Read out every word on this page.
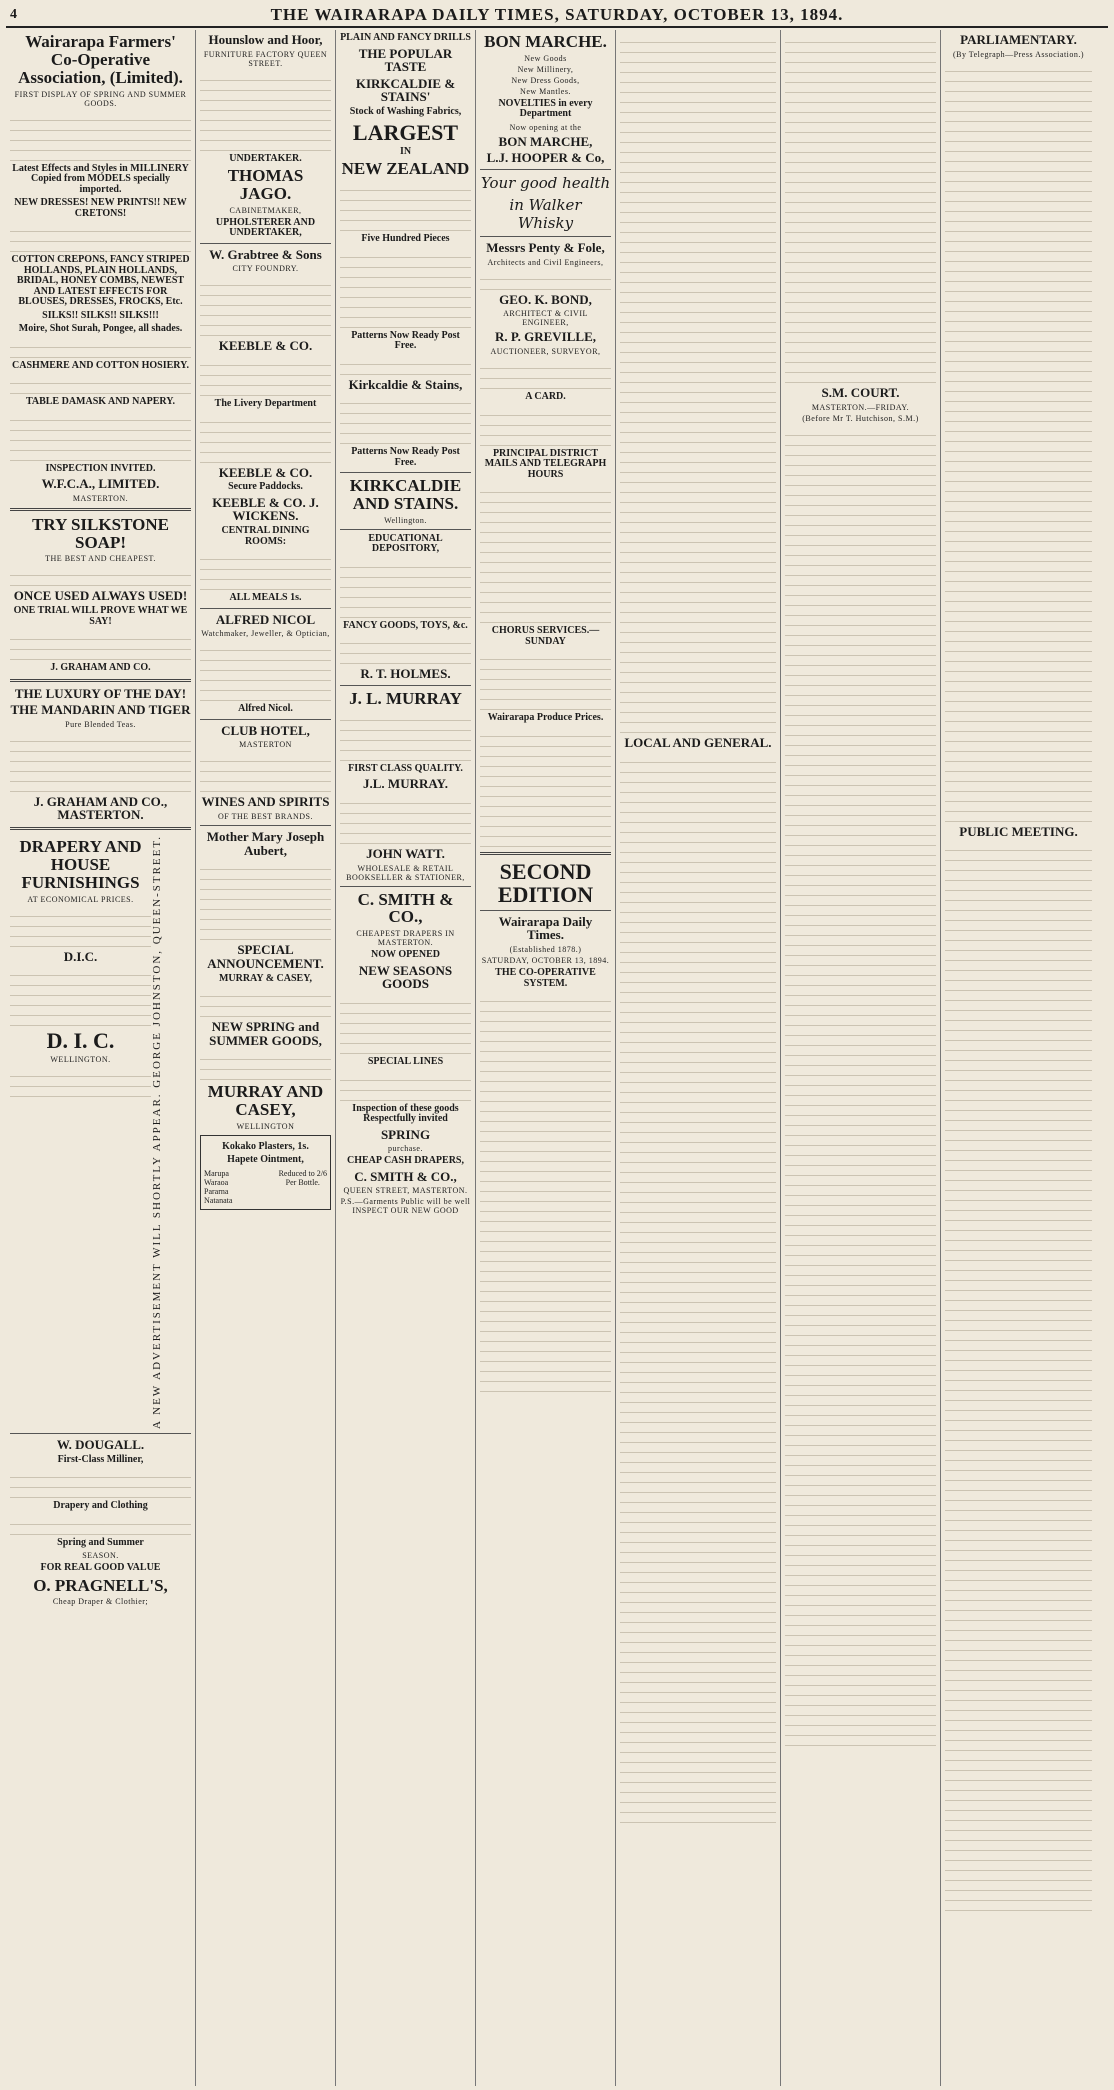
4	THE WAIRARAPA DAILY TIMES, SATURDAY, OCTOBER 13, 1894.
Wairarapa Farmers' Co-Operative Association, (Limited).
FIRST DISPLAY OF SPRING AND SUMMER GOODS.
Latest Effects and Styles in MILLINERY Copied from MODELS specially imported.
NEW DRESSES! NEW PRINTS!! NEW CRETONS!
COTTON CREPONS, FANCY STRIPED HOLLANDS, PLAIN HOLLANDS, BRIDAL, HONEY COMBS, NEWEST AND LATEST EFFECTS FOR BLOUSES, DRESSES, FROCKS, Etc.
SILKS!! SILKS!! SILKS!!!
Moire, Shot Surah, Pongee, all shades.
CASHMERE AND COTTON HOSIERY.
TABLE DAMASK AND NAPERY.
INSPECTION INVITED.
W.F.C.A., LIMITED.
MASTERTON.
TRY SILKSTONE SOAP!
THE BEST AND CHEAPEST.
ONCE USED ALWAYS USED!
ONE TRIAL WILL PROVE WHAT WE SAY!
J. GRAHAM AND CO.
THE LUXURY OF THE DAY!
THE MANDARIN AND TIGER
Pure Blended Teas.
J. GRAHAM AND CO., MASTERTON.
DRAPERY AND HOUSE FURNISHINGS
AT ECONOMICAL PRICES.
D.I.C.
D. I. C.
WELLINGTON.	A NEW ADVERTISEMENT WILL SHORTLY APPEAR. GEORGE JOHNSTON, QUEEN-STREET.
W. DOUGALL.
First-Class Milliner,
Drapery and Clothing
Spring and Summer
SEASON.
FOR REAL GOOD VALUE
O. PRAGNELL'S,
Cheap Draper & Clothier;
Hounslow and Hoor,
FURNITURE FACTORY QUEEN STREET.
UNDERTAKER.
THOMAS JAGO.
CABINETMAKER,
UPHOLSTERER AND UNDERTAKER,
W. Grabtree & Sons
CITY FOUNDRY.
KEEBLE & CO.
The Livery Department
KEEBLE & CO.
Secure Paddocks.
KEEBLE & CO. J. WICKENS.
CENTRAL DINING ROOMS:
ALL MEALS 1s.
ALFRED NICOL
Watchmaker, Jeweller, & Optician,
Alfred Nicol.
CLUB HOTEL,
MASTERTON
WINES AND SPIRITS
OF THE BEST BRANDS.
Mother Mary Joseph Aubert,
SPECIAL ANNOUNCEMENT.
MURRAY & CASEY,
NEW SPRING and SUMMER GOODS,
MURRAY AND CASEY,
WELLINGTON
Kokako Plasters, 1s.
Hapete Ointment,
Marupa
Waraoa
Pararna
Natanata
Reduced to 2/6
Per Bottle.
PLAIN AND FANCY DRILLS
THE POPULAR TASTE
KIRKCALDIE & STAINS'
Stock of Washing Fabrics,
LARGEST
IN
NEW ZEALAND
Five Hundred Pieces
Patterns Now Ready Post Free.
Kirkcaldie & Stains,
Patterns Now Ready Post Free.
KIRKCALDIE AND STAINS.
Wellington.
EDUCATIONAL DEPOSITORY,
FANCY GOODS, TOYS, &c.
R. T. HOLMES.
J. L. MURRAY
FIRST CLASS QUALITY.
J.L. MURRAY.
JOHN WATT.
WHOLESALE & RETAIL BOOKSELLER & STATIONER,
C. SMITH & CO.,
CHEAPEST DRAPERS IN MASTERTON.
NOW OPENED
NEW SEASONS GOODS
SPECIAL LINES
Inspection of these goods Respectfully invited
SPRING
purchase.
CHEAP CASH DRAPERS,
C. SMITH & CO.,
QUEEN STREET, MASTERTON.
P.S.—Garments Public will be well INSPECT OUR NEW GOOD
BON MARCHE.
New Goods
New Millinery,
New Dress Goods,
New Mantles.
NOVELTIES in every Department
Now opening at the
BON MARCHE,
L.J. HOOPER & Co,
Your good health
in Walker Whisky
Messrs Penty & Fole,
Architects and Civil Engineers,
GEO. K. BOND,
ARCHITECT & CIVIL ENGINEER,
R. P. GREVILLE,
AUCTIONEER, SURVEYOR,
A CARD.
PRINCIPAL DISTRICT MAILS AND TELEGRAPH HOURS
CHORUS SERVICES.—SUNDAY
Wairarapa Produce Prices.
SECOND EDITION
Wairarapa Daily Times.
(Established 1878.)
SATURDAY, OCTOBER 13, 1894.
THE CO-OPERATIVE SYSTEM.
LOCAL AND GENERAL.
S.M. COURT.
MASTERTON.—FRIDAY.
(Before Mr T. Hutchison, S.M.)
PARLIAMENTARY.
(By Telegraph—Press Association.)
PUBLIC MEETING.
